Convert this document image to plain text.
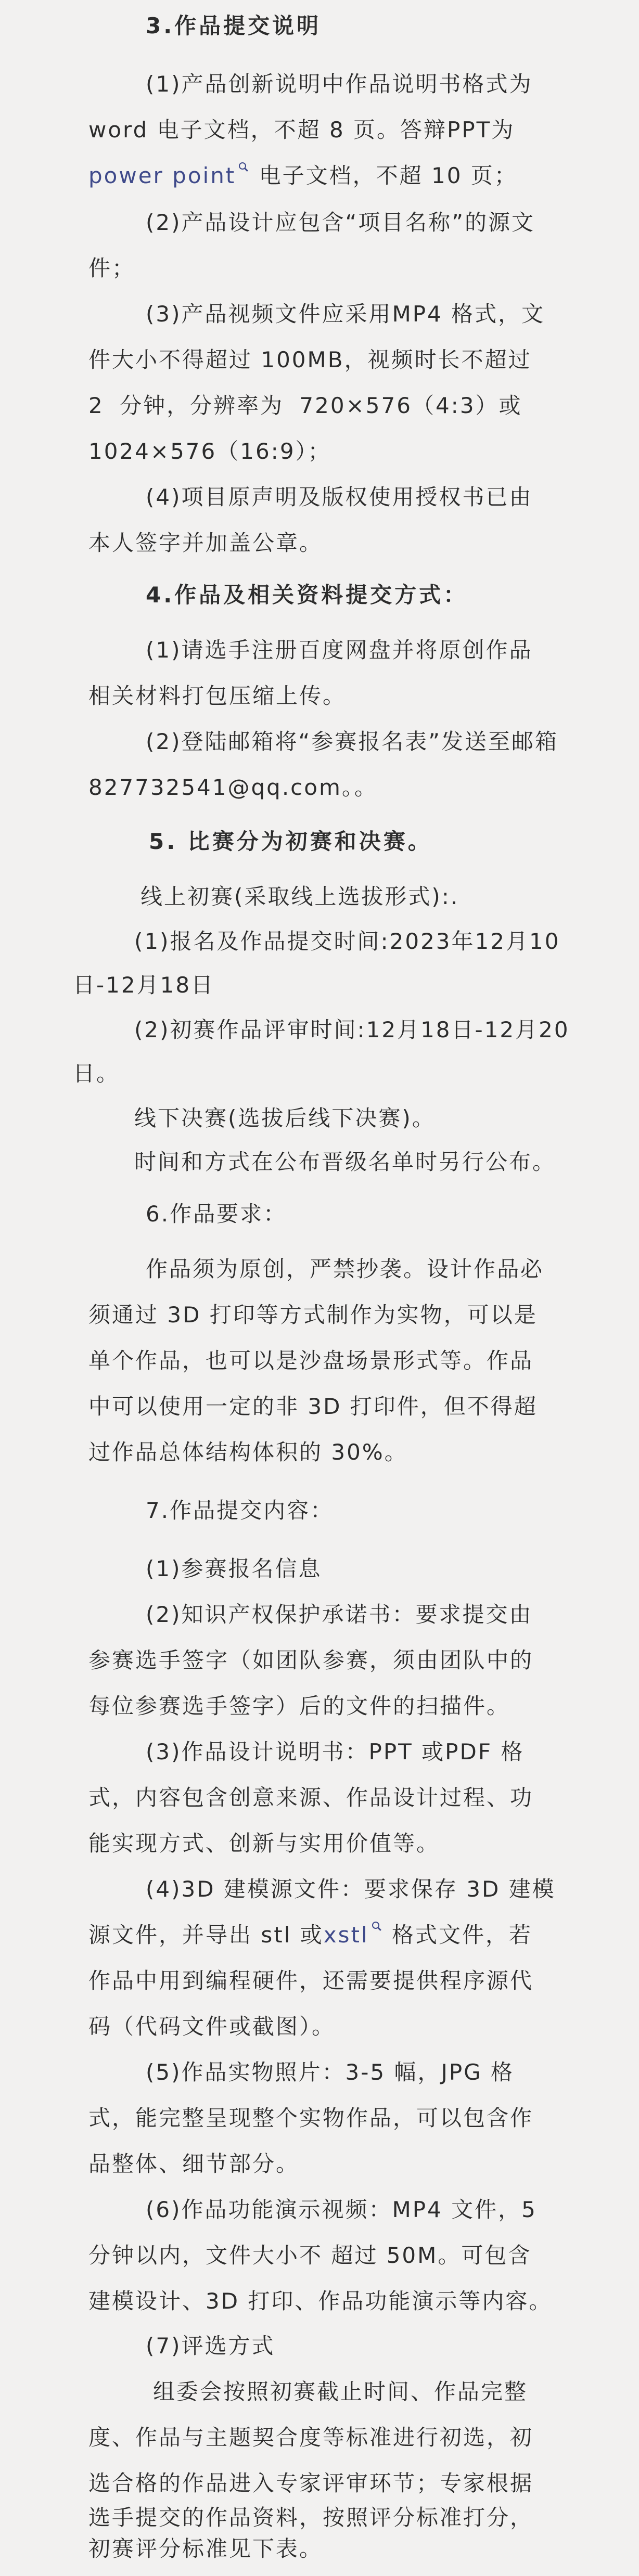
3.作品提交说明
(1)产品创新说明中作品说明书格式为
word 电子文档，不超 8 页。答辩PPT为
power point 电子文档，不超 10 页；
(2)产品设计应包含“项目名称”的源文
件；
(3)产品视频文件应采用MP4 格式，文
件大小不得超过 100MB，视频时长不超过
2 分钟，分辨率为 720×576（4:3）或
1024×576（16:9）；
(4)项目原声明及版权使用授权书已由
本人签字并加盖公章。
4.作品及相关资料提交方式：
(1)请选手注册百度网盘并将原创作品
相关材料打包压缩上传。
(2)登陆邮箱将“参赛报名表”发送至邮箱
827732541@qq.com。。
5. 比赛分为初赛和决赛。
线上初赛(采取线上选拔形式):.
(1)报名及作品提交时间:2023年12月10
日-12月18日
(2)初赛作品评审时间:12月18日-12月20
日。
线下决赛(选拔后线下决赛)。
时间和方式在公布晋级名单时另行公布。
6.作品要求：
作品须为原创，严禁抄袭。设计作品必
须通过 3D 打印等方式制作为实物，可以是
单个作品，也可以是沙盘场景形式等。作品
中可以使用一定的非 3D 打印件，但不得超
过作品总体结构体积的 30%。
7.作品提交内容：
(1)参赛报名信息
(2)知识产权保护承诺书：要求提交由
参赛选手签字（如团队参赛，须由团队中的
每位参赛选手签字）后的文件的扫描件。
(3)作品设计说明书：PPT 或PDF 格
式，内容包含创意来源、作品设计过程、功
能实现方式、创新与实用价值等。
(4)3D 建模源文件：要求保存 3D 建模
源文件，并导出 stl 或xstl 格式文件，若
作品中用到编程硬件，还需要提供程序源代
码（代码文件或截图）。
(5)作品实物照片：3-5 幅，JPG 格
式，能完整呈现整个实物作品，可以包含作
品整体、细节部分。
(6)作品功能演示视频：MP4 文件，5
分钟以内，文件大小不 超过 50M。可包含
建模设计、3D 打印、作品功能演示等内容。
(7)评选方式
组委会按照初赛截止时间、作品完整
度、作品与主题契合度等标准进行初选，初
选合格的作品进入专家评审环节；专家根据
选手提交的作品资料，按照评分标准打分，
初赛评分标准见下表。
